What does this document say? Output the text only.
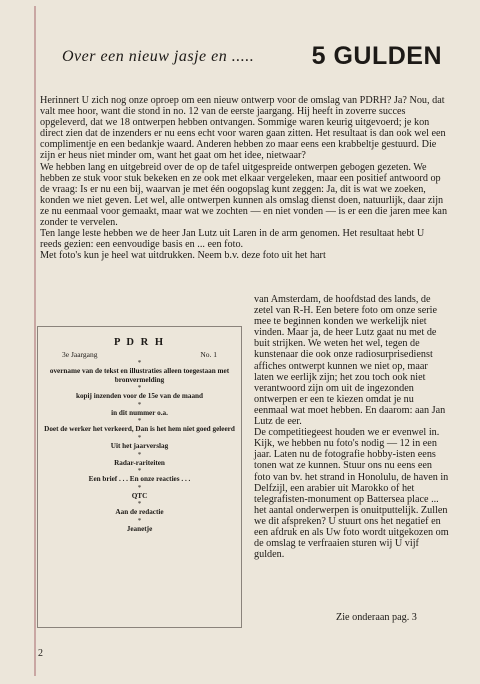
Over een nieuw jasje en ..... 5 GULDEN

Herinnert U zich nog onze oproep om een nieuw ontwerp voor de omslag van PDRH? Ja? Nou, dat valt mee hoor, want die stond in no. 12 van de eerste jaargang. Hij heeft in zoverre succes opgeleverd, dat we 18 ontwerpen hebben ontvangen. Sommige waren keurig uitgevoerd; je kon direct zien dat de inzenders er nu eens echt voor waren gaan zitten. Het resultaat is dan ook wel een complimentje en een bedankje waard. Anderen hebben zo maar eens een krabbeltje gestuurd. Die zijn er heus niet minder om, want het gaat om het idee, nietwaar?

We hebben lang en uitgebreid over de op de tafel uitgespreide ontwerpen gebogen gezeten. We hebben ze stuk voor stuk bekeken en ze ook met elkaar vergeleken, maar een positief antwoord op de vraag: Is er nu een bij, waarvan je met één oogopslag kunt zeggen: Ja, dit is wat we zoeken, konden we niet geven. Let wel, alle ontwerpen kunnen als omslag dienst doen, natuurlijk, daar zijn ze nu eenmaal voor gemaakt, maar wat we zochten — en niet vonden — is er een die jaren mee kan zonder te vervelen.

Ten lange leste hebben we de heer Jan Lutz uit Laren in de arm genomen. Het resultaat hebt U reeds gezien: een eenvoudige basis en ... een foto.

Met foto's kun je heel wat uitdrukken. Neem b.v. deze foto uit het hart

van Amsterdam, de hoofdstad des lands, de zetel van R-H. Een betere foto om onze serie mee te beginnen konden we werkelijk niet vinden. Maar ja, de heer Lutz gaat nu met de buit strijken. We weten het wel, tegen de kunstenaar die ook onze radiosurprisedienst affiches ontwerpt kunnen we niet op, maar laten we eerlijk zijn; het zou toch ook niet verantwoord zijn om uit de ingezonden ontwerpen er een te kiezen omdat je nu eenmaal wat moet hebben. En daarom: aan Jan Lutz de eer.

De competitiegeest houden we er evenwel in. Kijk, we hebben nu foto's nodig — 12 in een jaar. Laten nu de fotografie hobby-isten eens tonen wat ze kunnen. Stuur ons nu eens een foto van bv. het strand in Honolulu, de haven in Delfzijl, een arabier uit Marokko of het telegrafisten-monument op Battersea place ... het aantal onderwerpen is onuitputtelijk. Zullen we dit afspreken? U stuurt ons het negatief en een afdruk en als Uw foto wordt uitgekozen om de omslag te verfraaien sturen wij U vijf gulden.

P D R H
3e Jaargang	No. 1
*
overname van de tekst en illustraties alleen toegestaan met bronvermelding
*
kopij inzenden voor de 15e van de maand
*
in dit nummer o.a.
*
Doet de werker het verkeerd, Dan is het hem niet goed geleerd
*
Uit het jaarverslag
*
Radar-rariteiten
*
Een brief . . . En onze reacties . . .
*
QTC
*
Aan de redactie
*
Jeanetje
Zie onderaan pag. 3
2
